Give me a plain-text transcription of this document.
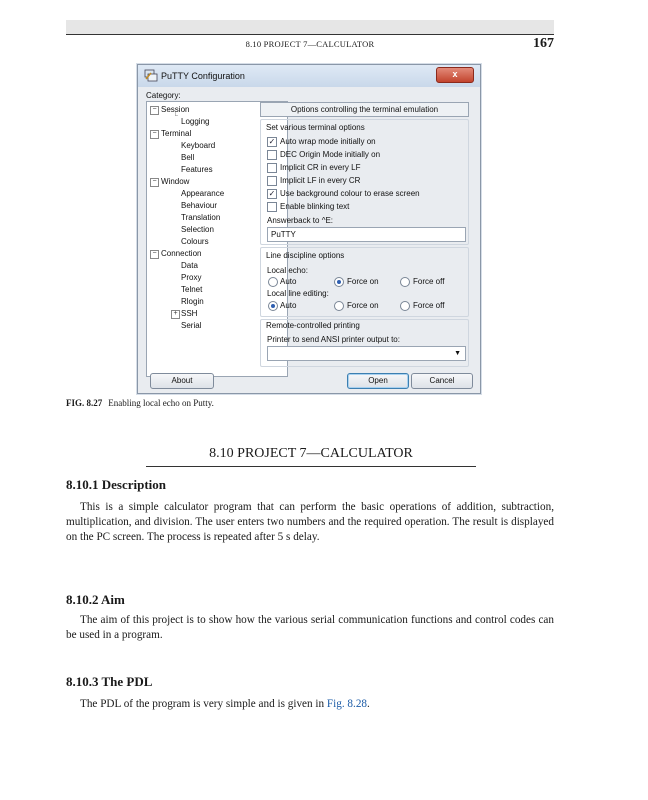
8.10 PROJECT 7—CALCULATOR	167
PuTTY Configuration	x
Category:
− Session
└
Logging
− Terminal
Keyboard
Bell
Features
− Window
Appearance
Behaviour
Translation
Selection
Colours
− Connection
Data
Proxy
Telnet
Rlogin
+ SSH
Serial
Options controlling the terminal emulation
Set various terminal options
✓ Auto wrap mode initially on
DEC Origin Mode initially on
Implicit CR in every LF
Implicit LF in every CR
✓ Use background colour to erase screen
Enable blinking text
Answerback to ^E:
PuTTY
Line discipline options
Local echo:
Auto	Force on	Force off
Local line editing:
Auto	Force on	Force off
Remote-controlled printing
Printer to send ANSI printer output to:
▼
About	Open	Cancel
FIG. 8.27 Enabling local echo on Putty.
8.10 PROJECT 7—CALCULATOR
8.10.1 Description
This is a simple calculator program that can perform the basic operations of addition, subtraction, multiplication, and division. The user enters two numbers and the required operation. The result is displayed on the PC screen. The process is repeated after 5 s delay.
8.10.2 Aim
The aim of this project is to show how the various serial communication functions and control codes can be used in a program.
8.10.3 The PDL
The PDL of the program is very simple and is given in Fig. 8.28.
